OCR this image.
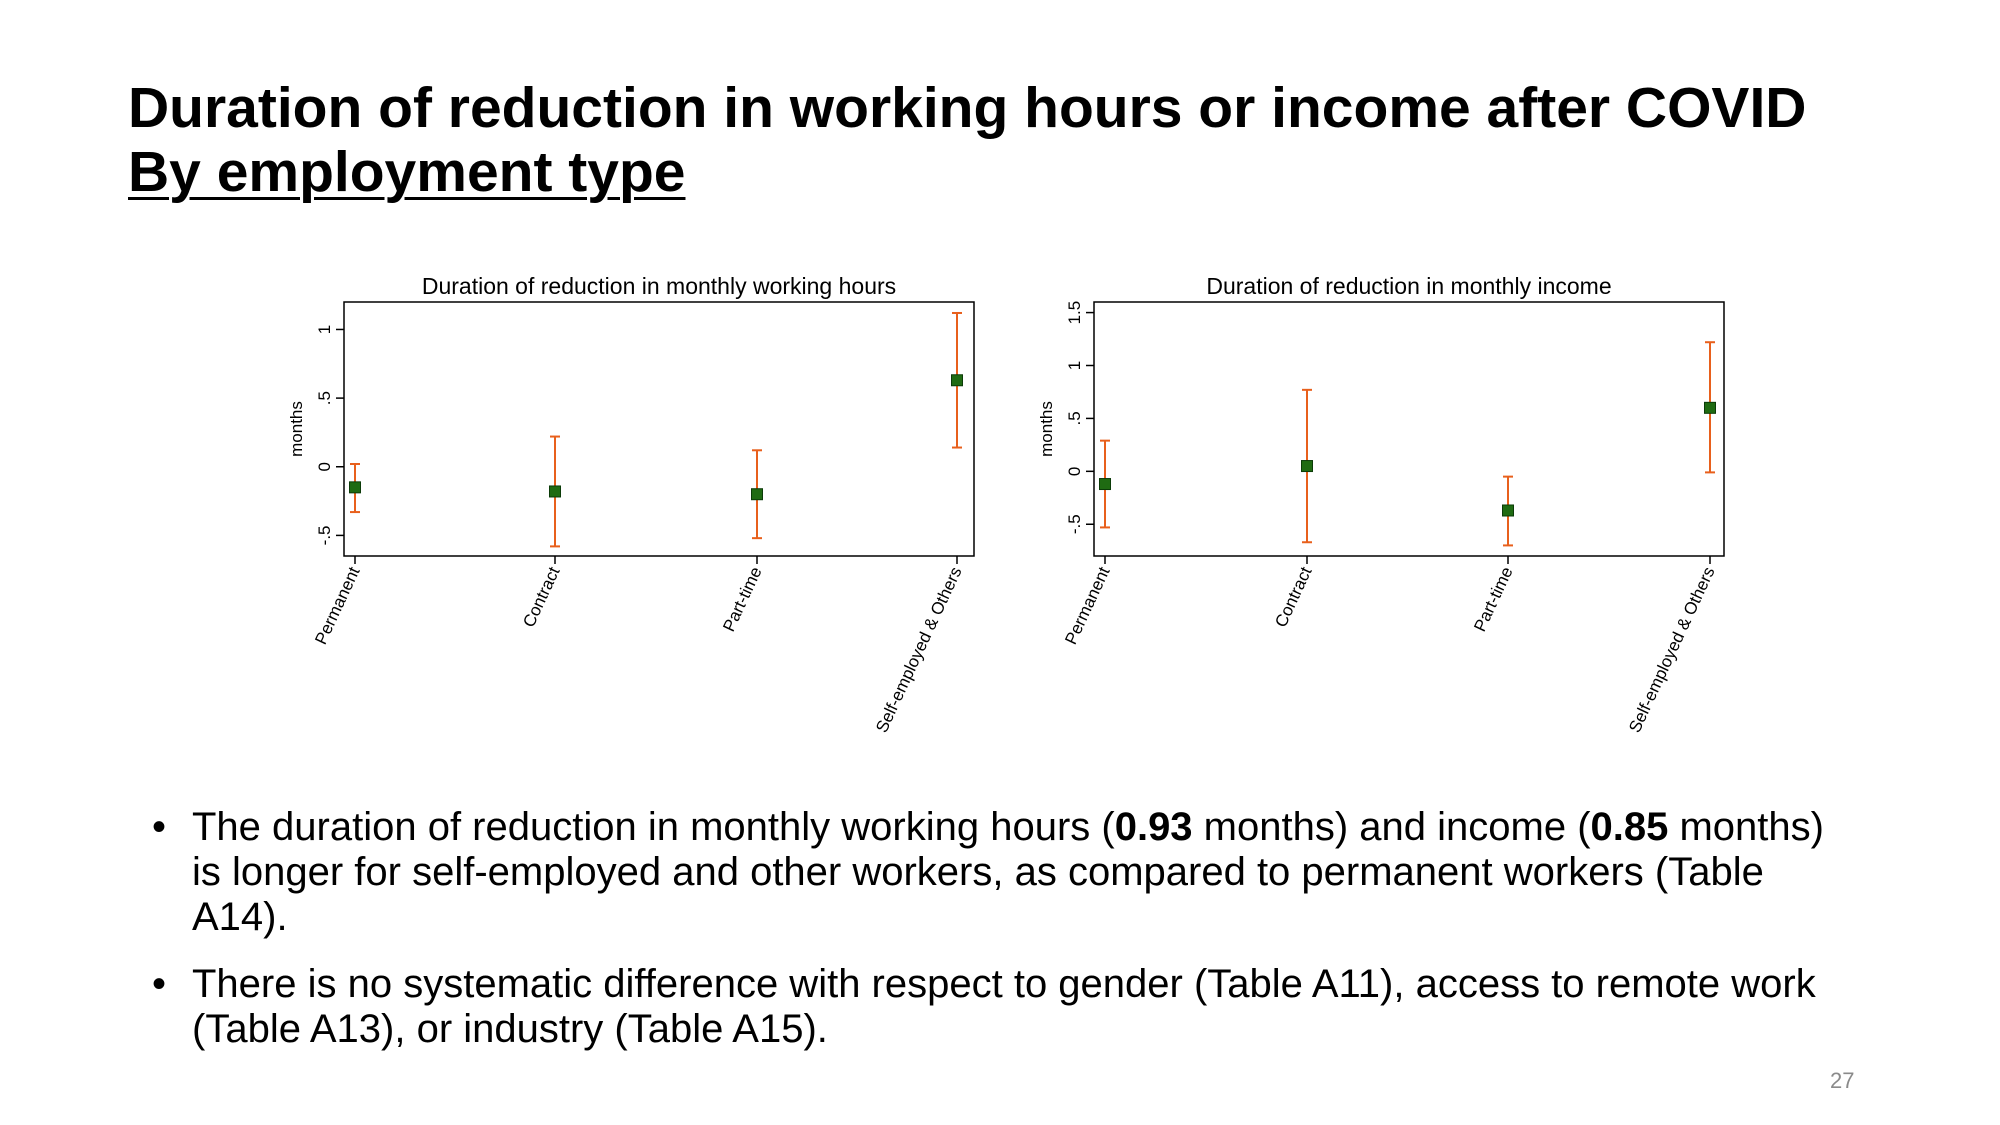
Duration of reduction in working hours or income after COVID
By employment type
Duration of reduction in monthly working hours
months
-.5
0
.5
1
Permanent	Contract	Part-time	Self-employed & Others
Duration of reduction in monthly income
months
-.5
0
.5
1
1.5
Permanent	Contract	Part-time	Self-employed & Others
• The duration of reduction in monthly working hours (0.93 months) and income (0.85 months) is longer for self-employed and other workers, as compared to permanent workers (Table A14).
• There is no systematic difference with respect to gender (Table A11), access to remote work (Table A13), or industry (Table A15).
27
